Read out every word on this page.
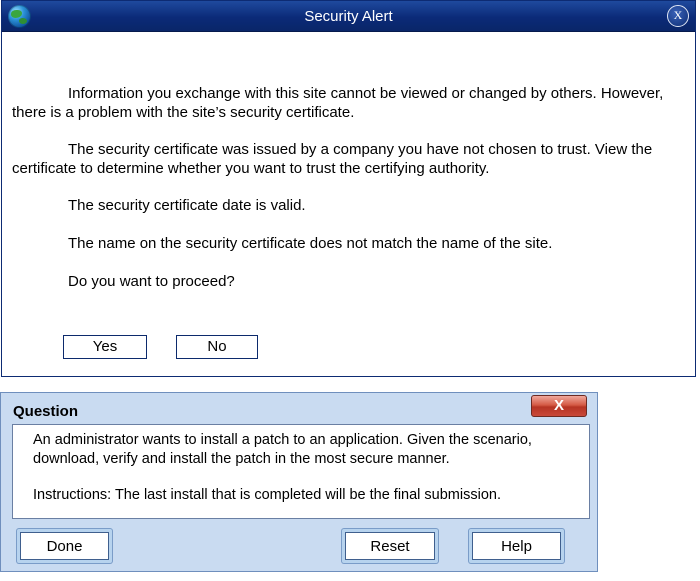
Security Alert	X
Information you exchange with this site cannot be viewed or changed by others. However, there is a problem with the site’s security certificate.
The security certificate was issued by a company you have not chosen to trust. View the certificate to determine whether you want to trust the certifying authority.
The security certificate date is valid.
The name on the security certificate does not match the name of the site.
Do you want to proceed?
Yes	No
Question	X
An administrator wants to install a patch to an application. Given the scenario, download, verify and install the patch in the most secure manner.
Instructions: The last install that is completed will be the final submission.
Done	Reset	Help
